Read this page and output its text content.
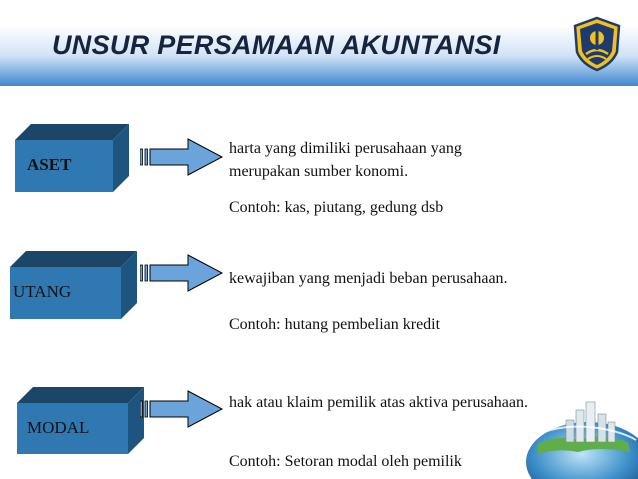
UNSUR PERSAMAAN AKUNTANSI
ASET
harta yang dimiliki perusahaan yang
merupakan sumber konomi.
Contoh: kas, piutang, gedung dsb
UTANG
kewajiban yang menjadi beban perusahaan.
Contoh: hutang pembelian kredit
MODAL
hak atau klaim pemilik atas aktiva perusahaan.
Contoh: Setoran modal oleh pemilik
